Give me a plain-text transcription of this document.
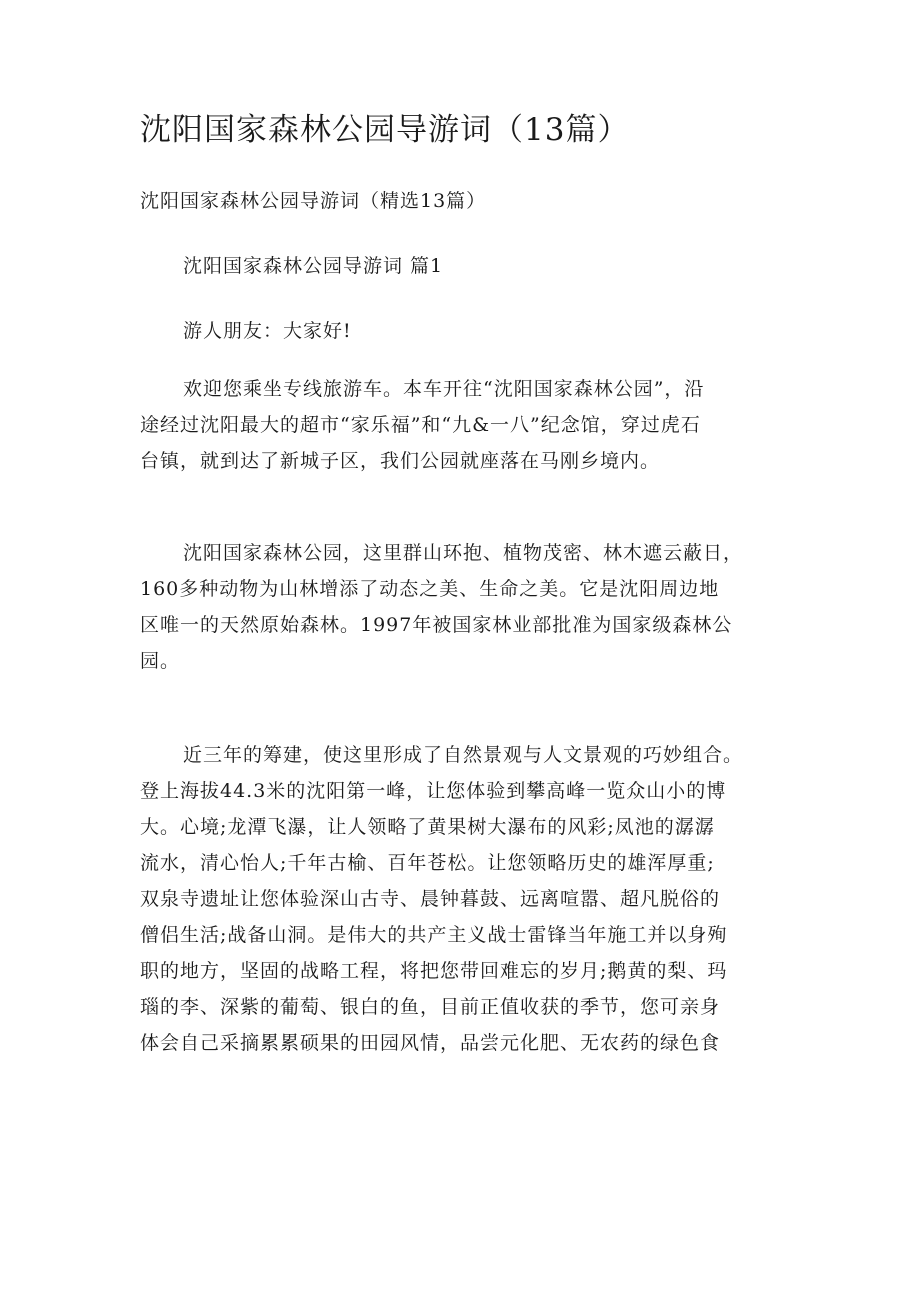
沈阳国家森林公园导游词（13篇）
沈阳国家森林公园导游词（精选13篇）
沈阳国家森林公园导游词 篇1
游人朋友：大家好!
欢迎您乘坐专线旅游车。本车开往“沈阳国家森林公园”，沿
途经过沈阳最大的超市“家乐福”和“九&一八”纪念馆，穿过虎石
台镇，就到达了新城子区，我们公园就座落在马刚乡境内。
沈阳国家森林公园，这里群山环抱、植物茂密、林木遮云蔽日，
160多种动物为山林增添了动态之美、生命之美。它是沈阳周边地
区唯一的天然原始森林。1997年被国家林业部批准为国家级森林公
园。
近三年的筹建，使这里形成了自然景观与人文景观的巧妙组合。
登上海拔44.3米的沈阳第一峰，让您体验到攀高峰一览众山小的博
大。心境;龙潭飞瀑，让人领略了黄果树大瀑布的风彩;凤池的潺潺
流水，清心怡人;千年古榆、百年苍松。让您领略历史的雄浑厚重;
双泉寺遗址让您体验深山古寺、晨钟暮鼓、远离喧嚣、超凡脱俗的
僧侣生活;战备山洞。是伟大的共产主义战士雷锋当年施工并以身殉
职的地方，坚固的战略工程，将把您带回难忘的岁月;鹅黄的梨、玛
瑙的李、深紫的葡萄、银白的鱼，目前正值收获的季节，您可亲身
体会自己采摘累累硕果的田园风情，品尝元化肥、无农药的绿色食
